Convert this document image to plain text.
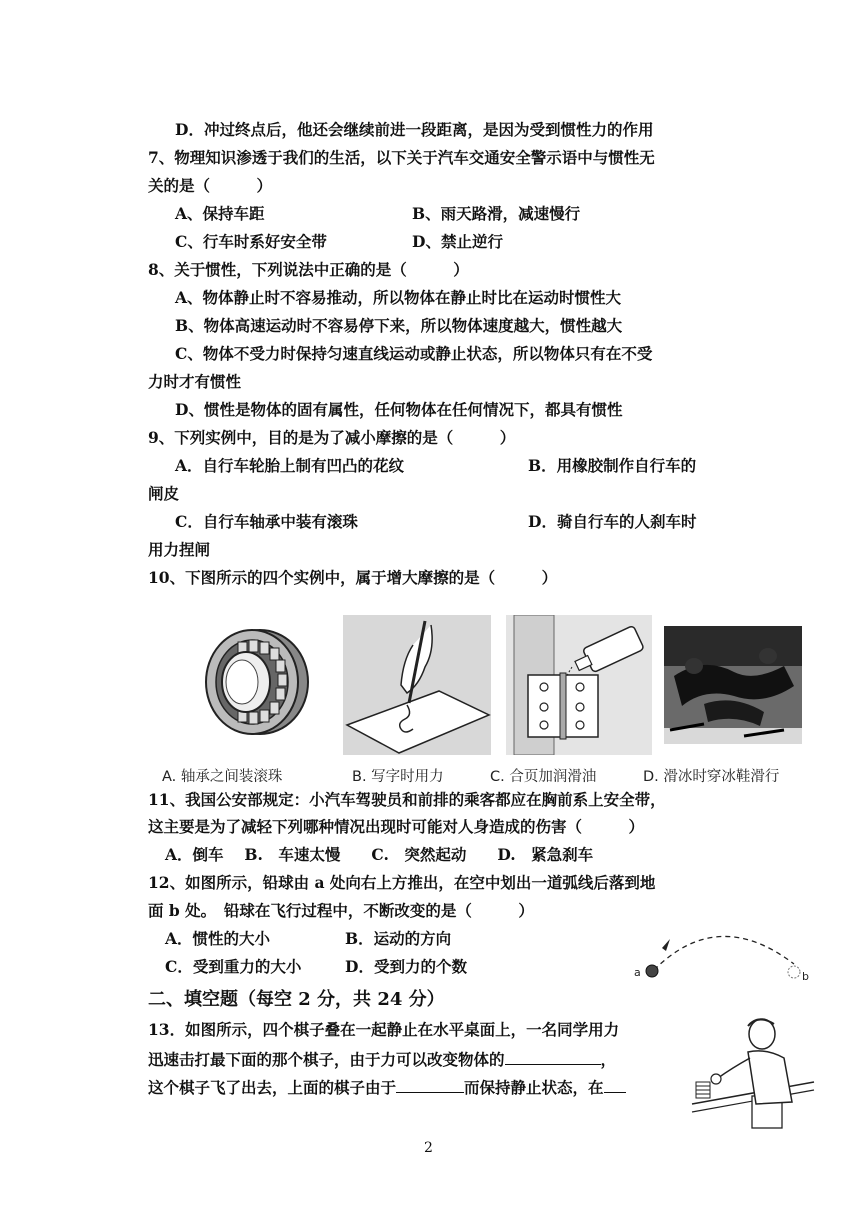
D．冲过终点后，他还会继续前进一段距离，是因为受到惯性力的作用
7、物理知识渗透于我们的生活，以下关于汽车交通安全警示语中与惯性无
关的是（　　　）
A、保持车距	B、雨天路滑，减速慢行
C、行车时系好安全带	D、禁止逆行
8、关于惯性，下列说法中正确的是（　　　）
A、物体静止时不容易推动，所以物体在静止时比在运动时惯性大
B、物体高速运动时不容易停下来，所以物体速度越大，惯性越大
C、物体不受力时保持匀速直线运动或静止状态，所以物体只有在不受
力时才有惯性
D、惯性是物体的固有属性，任何物体在任何情况下，都具有惯性
9、下列实例中，目的是为了减小摩擦的是（　　　）
A．自行车轮胎上制有凹凸的花纹	B．用橡胶制作自行车的
闸皮
C．自行车轴承中装有滚珠	D．骑自行车的人刹车时
用力捏闸
10、下图所示的四个实例中，属于增大摩擦的是（　　　）
A. 轴承之间装滚珠	B. 写字时用力	C. 合页加润滑油	D. 滑冰时穿冰鞋滑行
11、我国公安部规定：小汽车驾驶员和前排的乘客都应在胸前系上安全带，
这主要是为了减轻下列哪种情况出现时可能对人身造成的伤害（　　　）
A．倒车　 B.　车速太慢　　C.　突然起动　　D.　紧急刹车
12、如图所示，铅球由 a 处向右上方推出，在空中划出一道弧线后落到地
面 b 处。　铅球在飞行过程中，不断改变的是（　　　）
A．惯性的大小	B．运动的方向
C．受到重力的大小	D．受到力的个数	a	b
二、填空题（每空 2 分，共 24 分）
13．如图所示，四个棋子叠在一起静止在水平桌面上，一名同学用力
迅速击打最下面的那个棋子，由于力可以改变物体的	，
这个棋子飞了出去，上面的棋子由于	而保持静止状态，在
2
